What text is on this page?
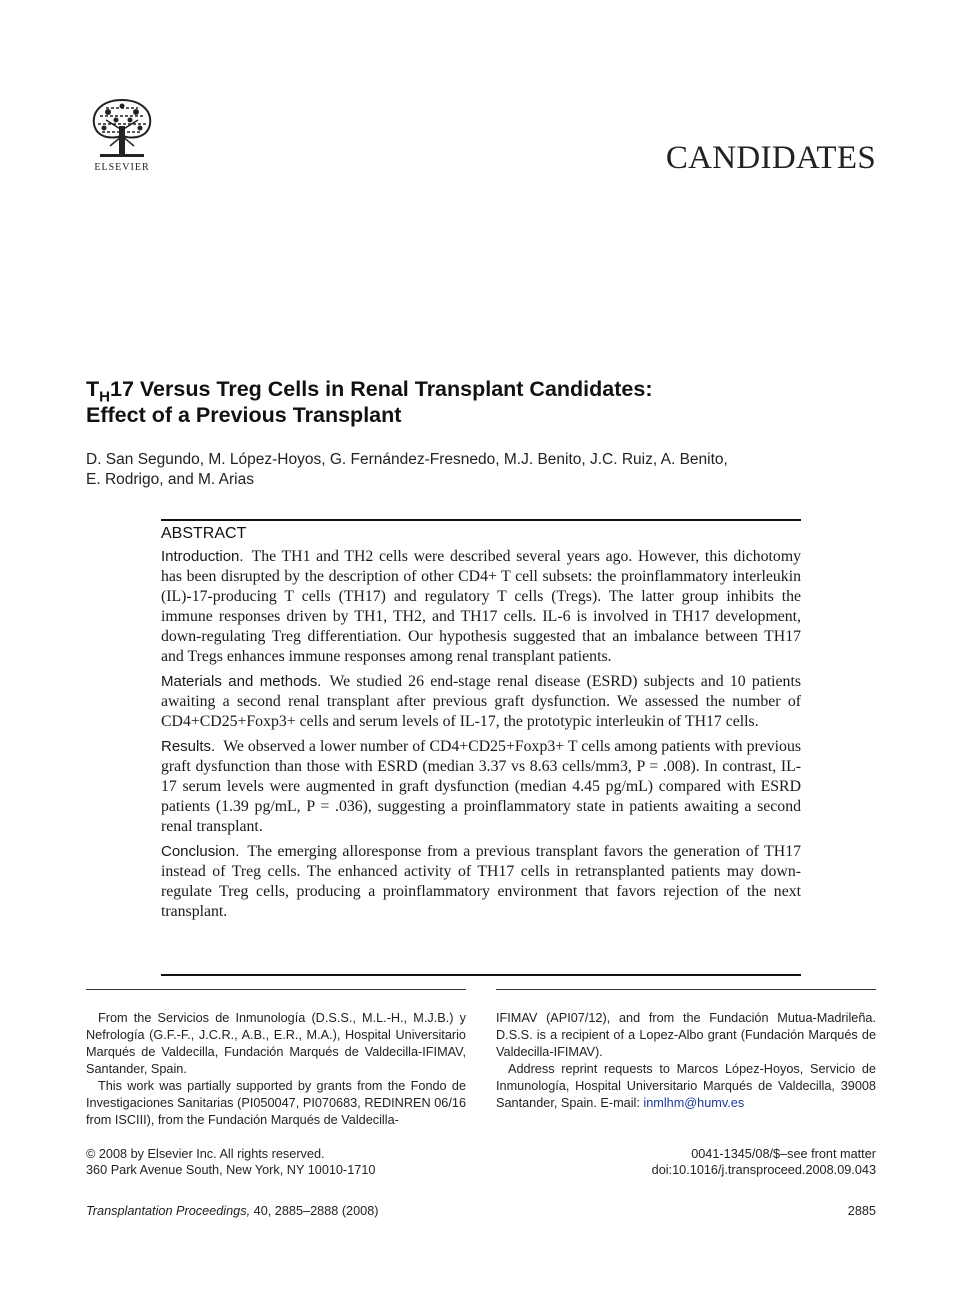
ELSEVIER	CANDIDATES
$T_H17$ Versus Treg Cells in Renal Transplant Candidates:
Effect of a Previous Transplant
D. San Segundo, M. López-Hoyos, G. Fernández-Fresnedo, M.J. Benito, J.C. Ruiz, A. Benito,
E. Rodrigo, and M. Arias
ABSTRACT

Introduction. The TH1 and TH2 cells were described several years ago. However, this dichotomy has been disrupted by the description of other CD4+ T cell subsets: the proinflammatory interleukin (IL)-17-producing T cells (TH17) and regulatory T cells (Tregs). The latter group inhibits the immune responses driven by TH1, TH2, and TH17 cells. IL-6 is involved in TH17 development, down-regulating Treg differentiation. Our hypothesis suggested that an imbalance between TH17 and Tregs enhances immune responses among renal transplant patients.

Materials and methods. We studied 26 end-stage renal disease (ESRD) subjects and 10 patients awaiting a second renal transplant after previous graft dysfunction. We assessed the number of CD4+CD25+Foxp3+ cells and serum levels of IL-17, the prototypic interleukin of TH17 cells.

Results. We observed a lower number of CD4+CD25+Foxp3+ T cells among patients with previous graft dysfunction than those with ESRD (median 3.37 vs 8.63 cells/mm3, P = .008). In contrast, IL-17 serum levels were augmented in graft dysfunction (median 4.45 pg/mL) compared with ESRD patients (1.39 pg/mL, P = .036), suggesting a proinflammatory state in patients awaiting a second renal transplant.

Conclusion. The emerging alloresponse from a previous transplant favors the generation of TH17 instead of Treg cells. The enhanced activity of TH17 cells in retransplanted patients may down-regulate Treg cells, producing a proinflammatory environment that favors rejection of the next transplant.

From the Servicios de Inmunología (D.S.S., M.L.-H., M.J.B.) y Nefrología (G.F.-F., J.C.R., A.B., E.R., M.A.), Hospital Universitario Marqués de Valdecilla, Fundación Marqués de Valdecilla-IFIMAV, Santander, Spain.

This work was partially supported by grants from the Fondo de Investigaciones Sanitarias (PI050047, PI070683, REDINREN 06/16 from ISCIII), from the Fundación Marqués de Valdecilla-

IFIMAV (API07/12), and from the Fundación Mutua-Madrileña. D.S.S. is a recipient of a Lopez-Albo grant (Fundación Marqués de Valdecilla-IFIMAV).

Address reprint requests to Marcos López-Hoyos, Servicio de Inmunología, Hospital Universitario Marqués de Valdecilla, 39008 Santander, Spain. E-mail: inmlhm@humv.es

© 2008 by Elsevier Inc. All rights reserved.
360 Park Avenue South, New York, NY 10010-1710
0041-1345/08/$–see front matter
doi:10.1016/j.transproceed.2008.09.043
Transplantation Proceedings, 40, 2885–2888 (2008)	2885
